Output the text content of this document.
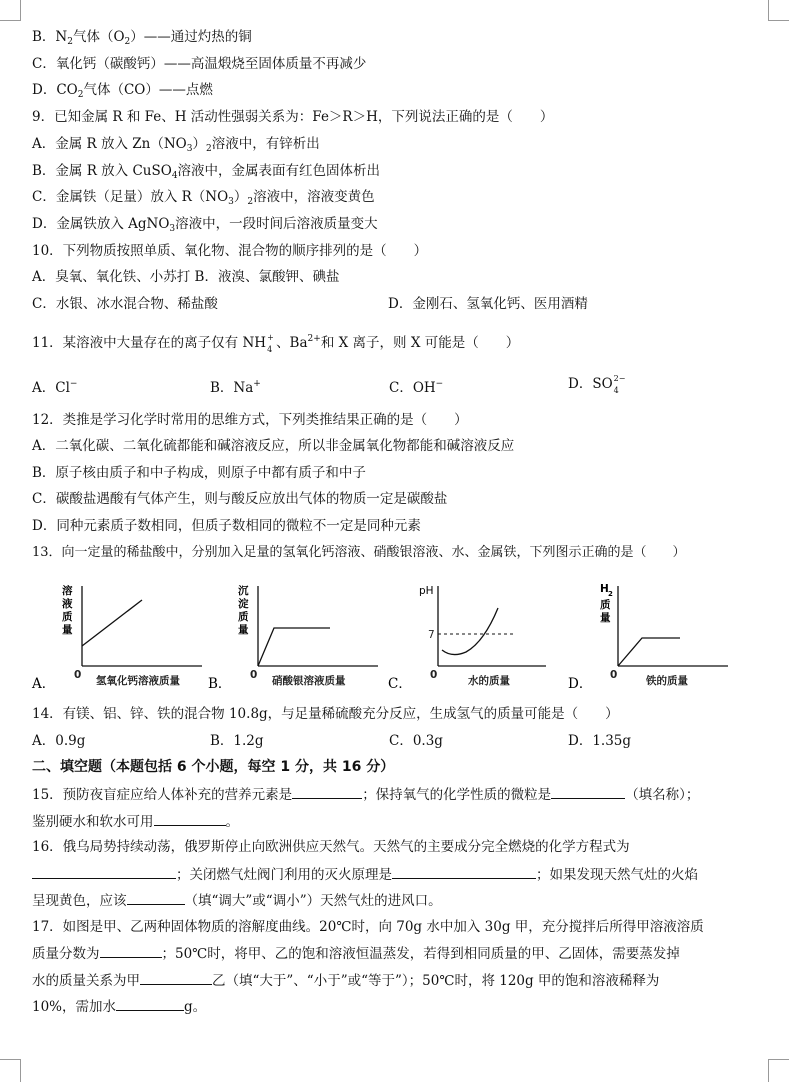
B．$N_2$气体$(O_2)——$通过灼热的铜
C．氧化钙（碳酸钙）——高温煅烧至固体质量不再减少
D．$CO_2$气体（CO）——点燃
9．已知金属 R 和 Fe、H 活动性强弱关系为：Fe＞R＞H，下列说法正确的是（　　）
A．金属 R 放入 $Zn(NO_3)_2$溶液中，有锌析出
B．金属 R 放入 CuSO$_4$溶液中，金属表面有红色固体析出
C．金属铁（足量）放入 $R(NO_3)_2$溶液中，溶液变黄色
D．金属铁放入 AgNO$_3$溶液中，一段时间后溶液质量变大
10．下列物质按照单质、氧化物、混合物的顺序排列的是（　　）
A．臭氧、氧化铁、小苏打 B．液溴、氯酸钾、碘盐
C．水银、冰水混合物、稀盐酸	D．金刚石、氢氧化钙、医用酒精
11．某溶液中大量存在的离子仅有 NH +
4 、$Ba^{2+}$和 X 离子，则 X 可能是（　　）
A．Cl−	B．Na+	C．OH−	D．SO 2−
4
12．类推是学习化学时常用的思维方式，下列类推结果正确的是（　　）
A．二氧化碳、二氧化硫都能和碱溶液反应，所以非金属氧化物都能和碱溶液反应
B．原子核由质子和中子构成，则原子中都有质子和中子
C．碳酸盐遇酸有气体产生，则与酸反应放出气体的物质一定是碳酸盐
D．同种元素质子数相同，但质子数相同的微粒不一定是同种元素
13．向一定量的稀盐酸中，分别加入足量的氢氧化钙溶液、硝酸银溶液、水、金属铁，下列图示正确的是（　　）
A．
溶
液
质
量
0 氢氧化钙溶液质量 B．
沉
淀
质
量
0 硝酸银溶液质量	C．
pH
7
0	水的质量	D．
H 2
质
量
0	铁的质量
14．有镁、铝、锌、铁的混合物 10.8g，与足量稀硫酸充分反应，生成氢气的质量可能是（　　）
A．0.9g	B．1.2g	C．0.3g	D．1.35g
二、填空题（本题包括 6 个小题，每空 1 分，共 16 分）
15．预防夜盲症应给人体补充的营养元素是	；保持氧气的化学性质的微粒是	（填名称）；
鉴别硬水和软水可用	。
16．俄乌局势持续动荡，俄罗斯停止向欧洲供应天然气。天然气的主要成分完全燃烧的化学方程式为
；关闭燃气灶阀门利用的灭火原理是	；如果发现天然气灶的火焰
呈现黄色，应该	（填“调大”或“调小”）天然气灶的进风口。
17．如图是甲、乙两种固体物质的溶解度曲线。20℃时，向 70g 水中加入 30g 甲，充分搅拌后所得甲溶液溶质
质量分数为	；50℃时，将甲、乙的饱和溶液恒温蒸发，若得到相同质量的甲、乙固体，需要蒸发掉
水的质量关系为甲	乙（填“大于”、“小于”或“等于”）；50℃时，将 120g 甲的饱和溶液稀释为
10%，需加水	g。
